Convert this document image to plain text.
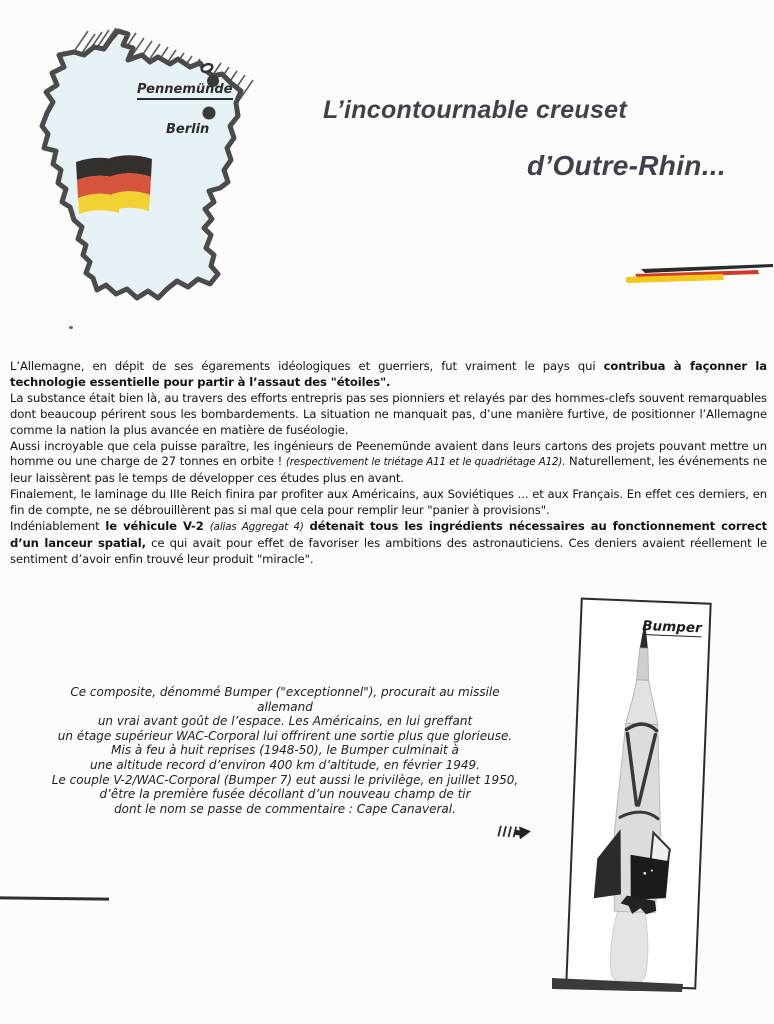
Pennemünde
Berlin
L’incontournable creuset
d’Outre-Rhin...
L’Allemagne, en dépit de ses égarements idéologiques et guerriers, fut vraiment le pays qui contribua à façonner la technologie essentielle pour partir à l’assaut des "étoiles".
La substance était bien là, au travers des efforts entrepris pas ses pionniers et relayés par des hommes-clefs souvent remarquables dont beaucoup périrent sous les bombardements. La situation ne manquait pas, d’une manière furtive, de positionner l’Allemagne comme la nation la plus avancée en matière de fuséologie.
Aussi incroyable que cela puisse paraître, les ingénieurs de Peenemünde avaient dans leurs cartons des projets pouvant mettre un homme ou une charge de 27 tonnes en orbite ! (respectivement le triétage A11 et le quadriétage A12). Naturellement, les événements ne leur laissèrent pas le temps de développer ces études plus en avant.
Finalement, le laminage du IIIe Reich finira par profiter aux Américains, aux Soviétiques ... et aux Français. En effet ces derniers, en fin de compte, ne se débrouillèrent pas si mal que cela pour remplir leur "panier à provisions".
Indéniablement le véhicule V-2 (alias Aggregat 4) détenait tous les ingrédients nécessaires au fonctionnement correct d’un lanceur spatial, ce qui avait pour effet de favoriser les ambitions des astronauticiens. Ces deniers avaient réellement le sentiment d’avoir enfin trouvé leur produit "miracle".
Ce composite, dénommé Bumper ("exceptionnel"), procurait au missile allemand
un vrai avant goût de l’espace. Les Américains, en lui greffant
un étage supérieur WAC-Corporal lui offrirent une sortie plus que glorieuse.
Mis à feu à huit reprises (1948-50), le Bumper culminait à
une altitude record d’environ 400 km d’altitude, en février 1949.
Le couple V-2/WAC-Corporal (Bumper 7) eut aussi le privilège, en juillet 1950,
d’être la première fusée décollant d’un nouveau champ de tir
dont le nom se passe de commentaire : Cape Canaveral.
Bumper
